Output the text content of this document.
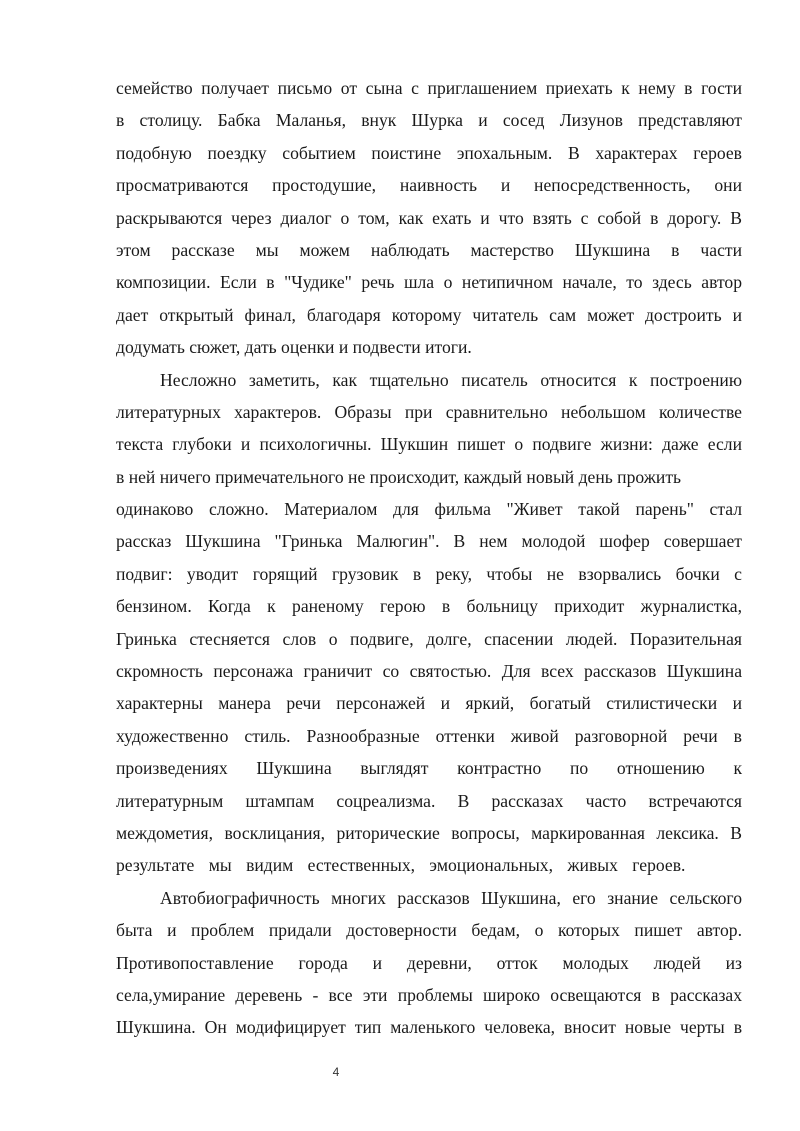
семейство получает письмо от сына с приглашением приехать к нему в гости
в столицу. Бабка Маланья, внук Шурка и сосед Лизунов представляют
подобную поездку событием поистине эпохальным. В характерах героев
просматриваются простодушие, наивность и непосредственность, они
раскрываются через диалог о том, как ехать и что взять с собой в дорогу. В
этом рассказе мы можем наблюдать мастерство Шукшина в части
композиции. Если в "Чудике" речь шла о нетипичном начале, то здесь автор
дает открытый финал, благодаря которому читатель сам может достроить и
додумать сюжет, дать оценки и подвести итоги.
Несложно заметить, как тщательно писатель относится к построению
литературных характеров. Образы при сравнительно небольшом количестве
текста глубоки и психологичны. Шукшин пишет о подвиге жизни: даже если
в ней ничего примечательного не происходит, каждый новый день прожить
одинаково сложно. Материалом для фильма "Живет такой парень" стал
рассказ Шукшина "Гринька Малюгин". В нем молодой шофер совершает
подвиг: уводит горящий грузовик в реку, чтобы не взорвались бочки с
бензином. Когда к раненому герою в больницу приходит журналистка,
Гринька стесняется слов о подвиге, долге, спасении людей. Поразительная
скромность персонажа граничит со святостью. Для всех рассказов Шукшина
характерны манера речи персонажей и яркий, богатый стилистически и
художественно стиль. Разнообразные оттенки живой разговорной речи в
произведениях Шукшина выглядят контрастно по отношению к
литературным штампам соцреализма. В рассказах часто встречаются
междометия, восклицания, риторические вопросы, маркированная лексика. В
результате мы видим естественных, эмоциональных, живых героев.
Автобиографичность многих рассказов Шукшина, его знание сельского
быта и проблем придали достоверности бедам, о которых пишет автор.
Противопоставление города и деревни, отток молодых людей из
села,умирание деревень - все эти проблемы широко освещаются в рассказах
Шукшина. Он модифицирует тип маленького человека, вносит новые черты в
4
